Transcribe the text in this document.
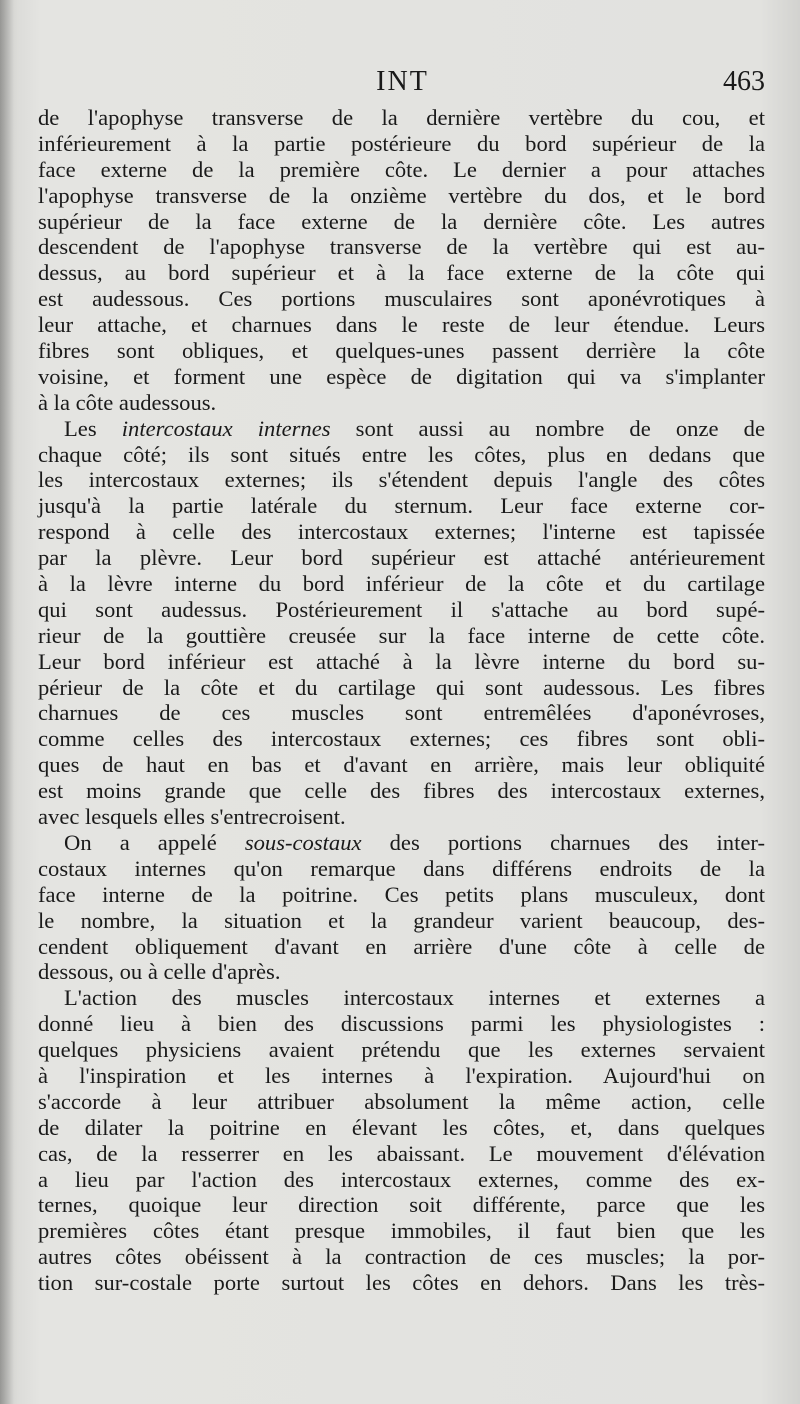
INT	463

de l'apophyse transverse de la dernière vertèbre du cou, et
inférieurement à la partie postérieure du bord supérieur de la
face externe de la première côte. Le dernier a pour attaches
l'apophyse transverse de la onzième vertèbre du dos, et le bord
supérieur de la face externe de la dernière côte. Les autres
descendent de l'apophyse transverse de la vertèbre qui est au-
dessus, au bord supérieur et à la face externe de la côte qui
est audessous. Ces portions musculaires sont aponévrotiques à
leur attache, et charnues dans le reste de leur étendue. Leurs
fibres sont obliques, et quelques-unes passent derrière la côte
voisine, et forment une espèce de digitation qui va s'implanter
à la côte audessous.

Les intercostaux internes sont aussi au nombre de onze de
chaque côté; ils sont situés entre les côtes, plus en dedans que
les intercostaux externes; ils s'étendent depuis l'angle des côtes
jusqu'à la partie latérale du sternum. Leur face externe cor-
respond à celle des intercostaux externes; l'interne est tapissée
par la plèvre. Leur bord supérieur est attaché antérieurement
à la lèvre interne du bord inférieur de la côte et du cartilage
qui sont audessus. Postérieurement il s'attache au bord supé-
rieur de la gouttière creusée sur la face interne de cette côte.
Leur bord inférieur est attaché à la lèvre interne du bord su-
périeur de la côte et du cartilage qui sont audessous. Les fibres
charnues de ces muscles sont entremêlées d'aponévroses,
comme celles des intercostaux externes; ces fibres sont obli-
ques de haut en bas et d'avant en arrière, mais leur obliquité
est moins grande que celle des fibres des intercostaux externes,
avec lesquels elles s'entrecroisent.

On a appelé sous-costaux des portions charnues des inter-
costaux internes qu'on remarque dans différens endroits de la
face interne de la poitrine. Ces petits plans musculeux, dont
le nombre, la situation et la grandeur varient beaucoup, des-
cendent obliquement d'avant en arrière d'une côte à celle de
dessous, ou à celle d'après.

L'action des muscles intercostaux internes et externes a
donné lieu à bien des discussions parmi les physiologistes :
quelques physiciens avaient prétendu que les externes servaient
à l'inspiration et les internes à l'expiration. Aujourd'hui on
s'accorde à leur attribuer absolument la même action, celle
de dilater la poitrine en élevant les côtes, et, dans quelques
cas, de la resserrer en les abaissant. Le mouvement d'élévation
a lieu par l'action des intercostaux externes, comme des ex-
ternes, quoique leur direction soit différente, parce que les
premières côtes étant presque immobiles, il faut bien que les
autres côtes obéissent à la contraction de ces muscles; la por-
tion sur-costale porte surtout les côtes en dehors. Dans les très-
